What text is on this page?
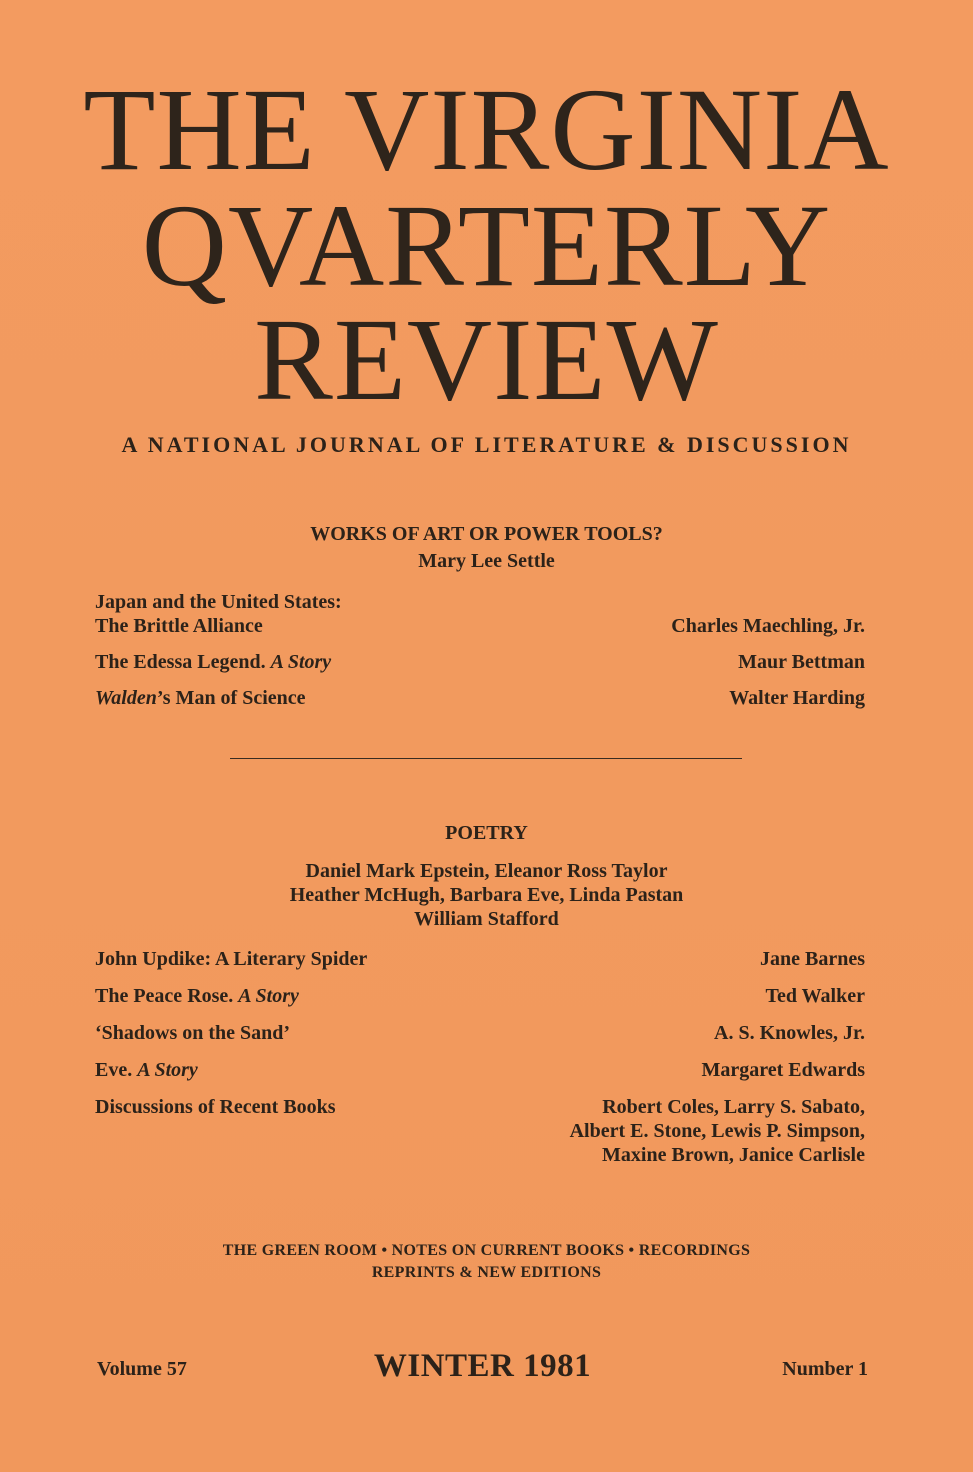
THE VIRGINIA
QVARTERLY
REVIEW
A NATIONAL JOURNAL OF LITERATURE & DISCUSSION
WORKS OF ART OR POWER TOOLS?
Mary Lee Settle
Japan and the United States:
The Brittle Alliance	Charles Maechling, Jr.
The Edessa Legend. A Story	Maur Bettman
Walden’s Man of Science	Walter Harding
POETRY
Daniel Mark Epstein, Eleanor Ross Taylor
Heather McHugh, Barbara Eve, Linda Pastan
William Stafford
John Updike: A Literary Spider	Jane Barnes
The Peace Rose. A Story	Ted Walker
‘Shadows on the Sand’	A. S. Knowles, Jr.
Eve. A Story	Margaret Edwards
Discussions of Recent Books	Robert Coles, Larry S. Sabato,
Albert E. Stone, Lewis P. Simpson,
Maxine Brown, Janice Carlisle
THE GREEN ROOM • NOTES ON CURRENT BOOKS • RECORDINGS
REPRINTS & NEW EDITIONS
Volume 57	WINTER 1981	Number 1
